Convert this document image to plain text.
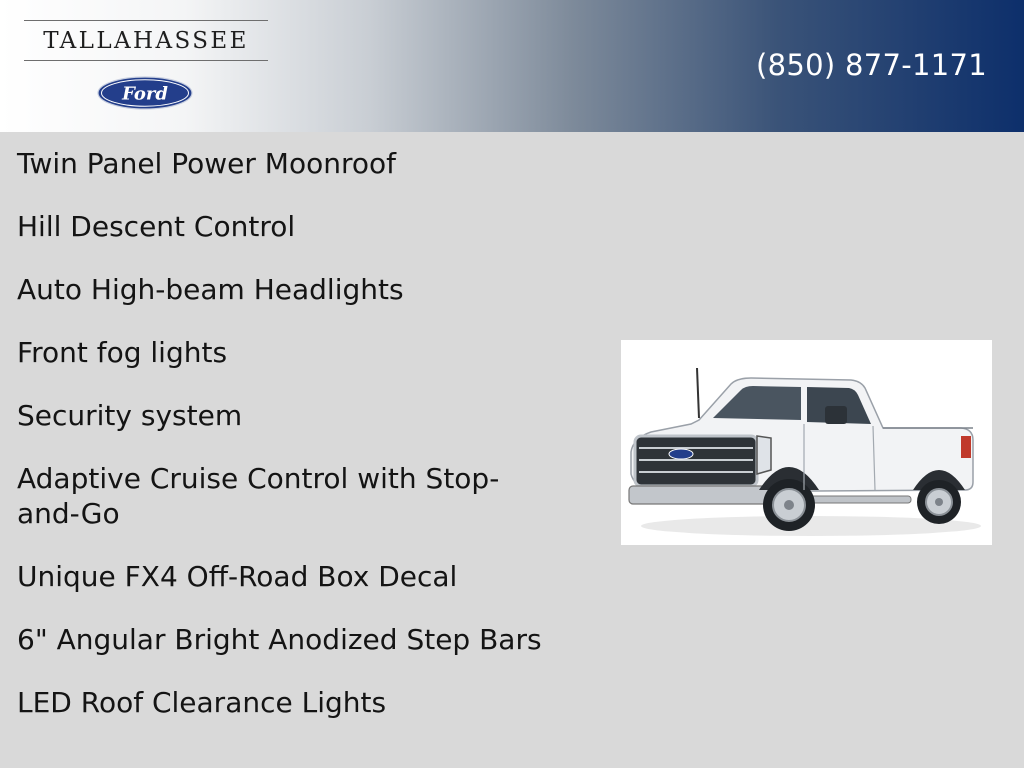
TALLAHASSEE
Ford
(850) 877-1171
Twin Panel Power Moonroof
Hill Descent Control
Auto High-beam Headlights
Front fog lights
Security system
Adaptive Cruise Control with Stop-and-Go
Unique FX4 Off-Road Box Decal
6" Angular Bright Anodized Step Bars
LED Roof Clearance Lights
